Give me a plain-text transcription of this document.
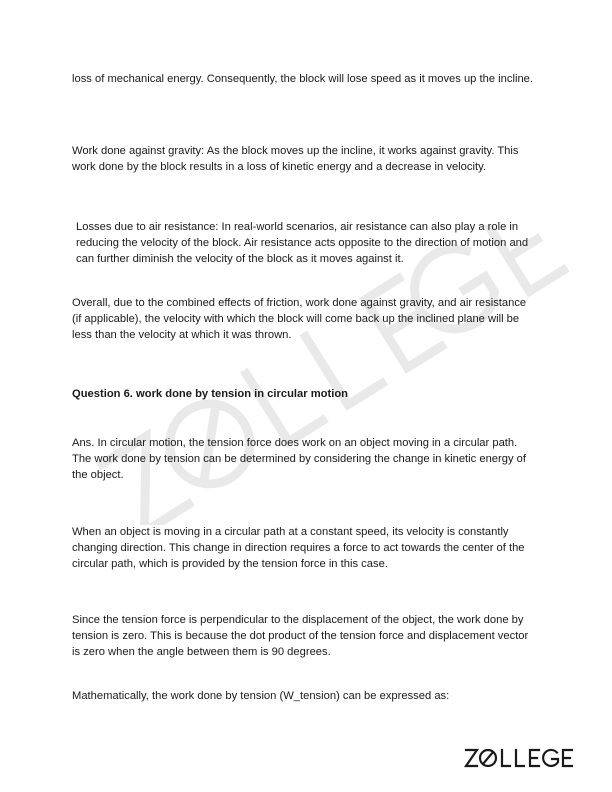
loss of mechanical energy. Consequently, the block will lose speed as it moves up the incline.

Work done against gravity: As the block moves up the incline, it works against gravity. This work done by the block results in a loss of kinetic energy and a decrease in velocity.

Losses due to air resistance: In real-world scenarios, air resistance can also play a role in reducing the velocity of the block. Air resistance acts opposite to the direction of motion and can further diminish the velocity of the block as it moves against it.

Overall, due to the combined effects of friction, work done against gravity, and air resistance (if applicable), the velocity with which the block will come back up the inclined plane will be less than the velocity at which it was thrown.

Question 6. work done by tension in circular motion

Ans. In circular motion, the tension force does work on an object moving in a circular path. The work done by tension can be determined by considering the change in kinetic energy of the object.

When an object is moving in a circular path at a constant speed, its velocity is constantly changing direction. This change in direction requires a force to act towards the center of the circular path, which is provided by the tension force in this case.

Since the tension force is perpendicular to the displacement of the object, the work done by tension is zero. This is because the dot product of the tension force and displacement vector is zero when the angle between them is 90 degrees.

Mathematically, the work done by tension (W_tension) can be expressed as:
